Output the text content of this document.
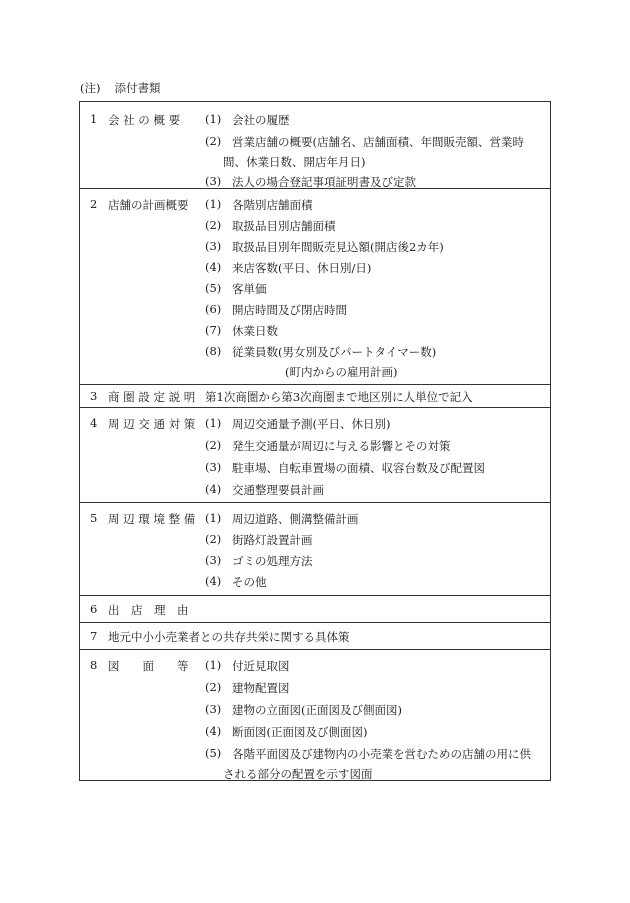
(注) 添付書類
1 会 社 の 概 要 (1) 会社の履歴
(2) 営業店舗の概要(店舗名、店舗面積、年間販売額、営業時
間、休業日数、開店年月日)
(3) 法人の場合登記事項証明書及び定款

2 店舗の計画概要 (1) 各階別店舗面積
(2) 取扱品目別店舗面積
(3) 取扱品目別年間販売見込額(開店後2カ年)
(4) 来店客数(平日、休日別/日)
(5) 客単価
(6) 開店時間及び閉店時間
(7) 休業日数
(8) 従業員数(男女別及びパートタイマー数)
(町内からの雇用計画)

3 商 圏 設 定 説 明 第1次商圏から第3次商圏まで地区別に人単位で記入

4 周 辺 交 通 対 策 (1) 周辺交通量予測(平日、休日別)
(2) 発生交通量が周辺に与える影響とその対策
(3) 駐車場、自転車置場の面積、収容台数及び配置図
(4) 交通整理要員計画

5 周 辺 環 境 整 備 (1) 周辺道路、側溝整備計画
(2) 街路灯設置計画
(3) ゴミの処理方法
(4) その他

6 出　店　理　由

7 地元中小小売業者との共存共栄に関する具体策

8 図　　面　　等 (1) 付近見取図
(2) 建物配置図
(3) 建物の立面図(正面図及び側面図)
(4) 断面図(正面図及び側面図)
(5) 各階平面図及び建物内の小売業を営むための店舗の用に供
される部分の配置を示す図面
